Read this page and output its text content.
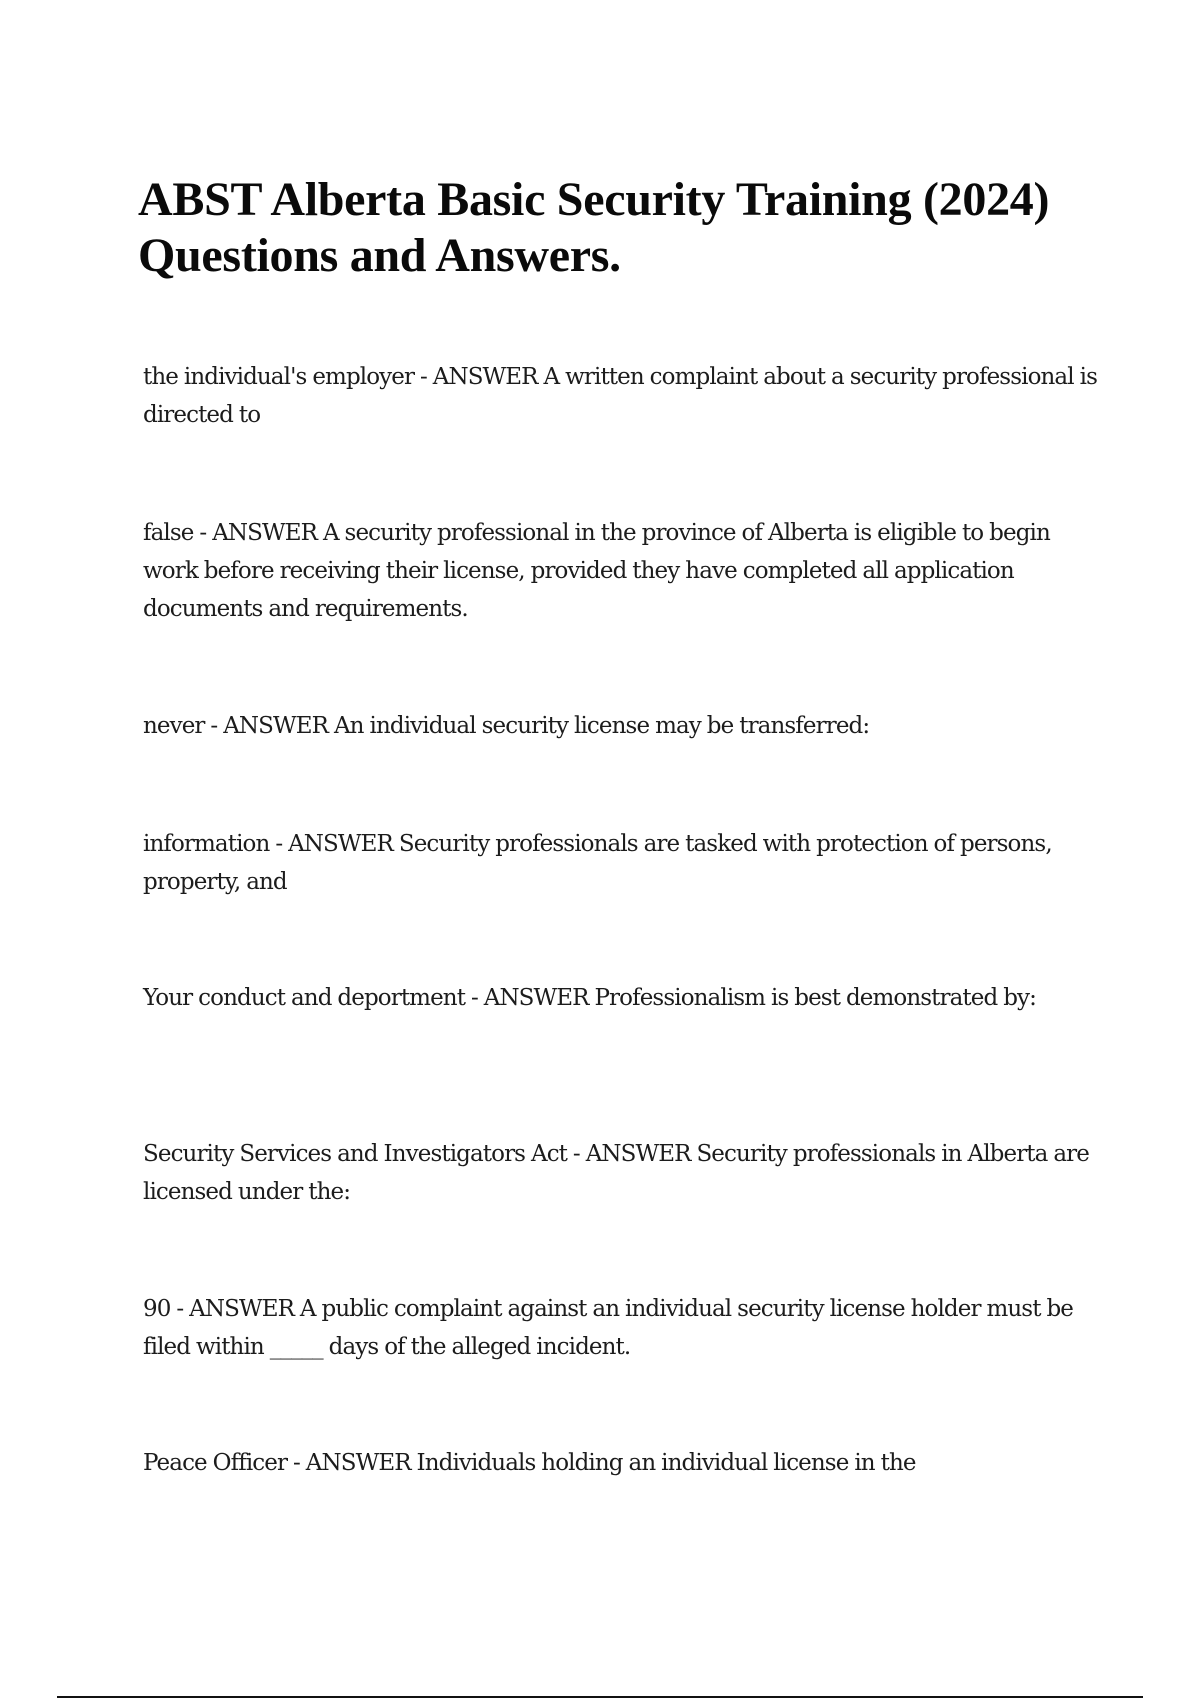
ABST Alberta Basic Security Training (2024) Questions and Answers.

the individual's employer - ANSWER A written complaint about a security professional is directed to

false - ANSWER A security professional in the province of Alberta is eligible to begin work before receiving their license, provided they have completed all application documents and requirements.

never - ANSWER An individual security license may be transferred:

information - ANSWER Security professionals are tasked with protection of persons, property, and

Your conduct and deportment - ANSWER Professionalism is best demonstrated by:

Security Services and Investigators Act - ANSWER Security professionals in Alberta are licensed under the:

90 - ANSWER A public complaint against an individual security license holder must be filed within _____ days of the alleged incident.

Peace Officer - ANSWER Individuals holding an individual license in the
